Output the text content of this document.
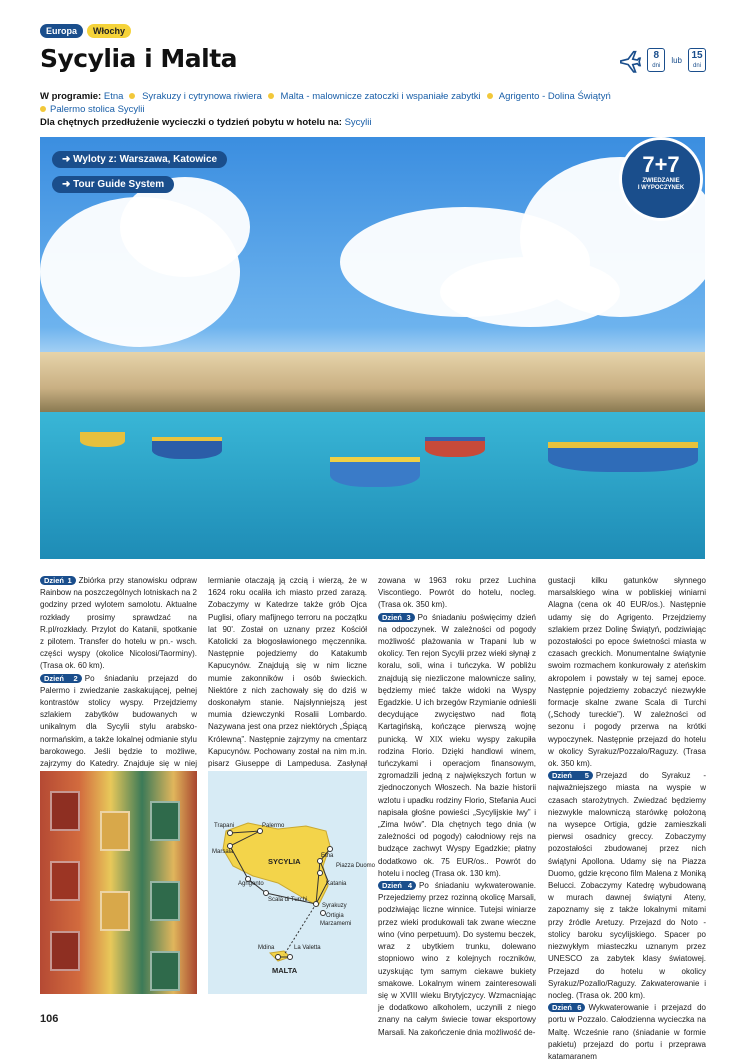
Europa	Włochy
Sycylia i Malta	8
dni
lub 15
dni
W programie: Etna Syrakuzy i cytrynowa riwiera Malta - malownicze zatoczki i wspaniałe zabytki Agrigento - Dolina Świątyń
Palermo stolica Sycylii
Dla chętnych przedłużenie wycieczki o tydzień pobytu w hotelu na: Sycylii
➜ Wyloty z: Warszawa, Katowice
➜ Tour Guide System
7+7
ZWIEDZANIE
I WYPOCZYNEK
Dzień 1 Zbiórka przy stanowisku odpraw Rainbow na poszczególnych lotniskach na 2 godziny przed wylotem samolotu. Aktualne rozkłady prosimy sprawdzać na R.pl/rozkłady. Przylot do Katanii, spotkanie z pilotem. Transfer do hotelu w pn.- wsch. części wyspy (okolice Nicolosi/Taorminy). (Trasa ok. 60 km).
Dzień 2 Po śniadaniu przejazd do Palermo i zwiedzanie zaskakującej, pełnej kontrastów stolicy wyspy. Przejdziemy szlakiem zabytków budowanych w unikalnym dla Sycylii stylu arabsko-normańskim, a także lokalnej odmianie stylu barokowego. Jeśli będzie to możliwe, zajrzymy do Katedry. Znajduje się w niej
lermianie otaczają ją czcią i wierzą, że w 1624 roku ocaliła ich miasto przed zarazą. Zobaczymy w Katedrze także grób Ojca Puglisi, ofiary mafijnego terroru na początku lat 90'. Został on uznany przez Kościół Katolicki za błogosławionego męczennika. Następnie pojedziemy do Katakumb Kapucynów. Znajdują się w nim liczne mumie zakonników i osób świeckich. Niektóre z nich zachowały się do dziś w doskonałym stanie. Najsłynniejszą jest mumia dziewczynki Rosalii Lombardo. Nazywana jest ona przez niektórych „Śpiącą Królewną”. Następnie zajrzymy na cmentarz Kapucynów. Pochowany został na nim m.in. pisarz Giuseppe di Lampedusa. Zasłynął
zowana w 1963 roku przez Luchina Viscontiego. Powrót do hotelu, nocleg. (Trasa ok. 350 km).
Dzień 3 Po śniadaniu poświęcimy dzień na odpoczynek. W zależności od pogody możliwość plażowania w Trapani lub w okolicy. Ten rejon Sycylii przez wieki słynął z koralu, soli, wina i tuńczyka. W pobliżu znajdują się niezliczone malownicze saliny, będziemy mieć także widoki na Wyspy Egadzkie. U ich brzegów Rzymianie odnieśli decydujące zwycięstwo nad flotą Kartagińską, kończące pierwszą wojnę punicką. W XIX wieku wyspy zakupiła rodzina Florio. Dzięki handlowi winem, tuńczykami i operacjom finansowym, zgromadzili jedną z największych fortun w zjednoczonych Włoszech. Na bazie historii wzlotu i upadku rodziny Florio, Stefania Auci napisała głośne powieści „Sycylijskie lwy” i „Zima lwów”. Dla chętnych tego dnia (w zależności od pogody) całodniowy rejs na budzące zachwyt Wyspy Egadzkie; płatny dodatkowo ok. 75 EUR/os.. Powrót do hotelu i nocleg (Trasa ok. 130 km).
Dzień 4 Po śniadaniu wykwaterowanie. Przejedziemy przez rozinną okolicę Marsali, podziwiając liczne winnice. Tutejsi winiarze przez wieki produkowali tak zwane wieczne wino (vino perpetuum). Do systemu beczek, wraz z ubytkiem trunku, dolewano stopniowo wino z kolejnych roczników, uzyskując tym samym ciekawe bukiety smakowe. Lokalnym winem zainteresowali się w XVIII wieku Brytyjczycy. Wzmacniając je dodatkowo alkoholem, uczynili z niego znany na całym świecie towar eksportowy Marsali. Na zakończenie dnia możliwość de-
gustacji kilku gatunków słynnego marsalskiego wina w pobliskiej winiarni Alagna (cena ok 40 EUR/os.). Następnie udamy się do Agrigento. Przejdziemy szlakiem przez Dolinę Świątyń, podziwiając pozostałości po epoce świetności miasta w czasach greckich. Monumentalne świątynie swoim rozmachem konkurowały z ateńskim akropolem i powstały w tej samej epoce. Następnie pojedziemy zobaczyć niezwykłe formacje skalne zwane Scala di Turchi („Schody tureckie”). W zależności od sezonu i pogody przerwa na krótki wypoczynek. Następnie przejazd do hotelu w okolicy Syrakuz/Pozzalo/Raguzy. (Trasa ok. 350 km).
Dzień 5 Przejazd do Syrakuz - najważniejszego miasta na wyspie w czasach starożytnych. Zwiedzać będziemy niezwykle malowniczą starówkę położoną na wysepce Ortigia, gdzie zamieszkali pierwsi osadnicy greccy. Zobaczymy pozostałości zbudowanej przez nich świątyni Apollona. Udamy się na Piazza Duomo, gdzie kręcono film Malena z Moniką Belucci. Zobaczymy Katedrę wybudowaną w murach dawnej świątyni Ateny, zapoznamy się z także lokalnymi mitami przy źródle Aretuzy. Przejazd do Noto - stolicy baroku sycylijskiego. Spacer po niezwykłym miasteczku uznanym przez UNESCO za zabytek klasy światowej. Przejazd do hotelu w okolicy Syrakuz/Pozallo/Raguzy. Zakwaterowanie i nocleg. (Trasa ok. 200 km).
Dzień 6 Wykwaterowanie i przejazd do portu w Pozzalo. Całodzienna wycieczka na Maltę. Wcześnie rano (śniadanie w formie pakietu) przejazd do portu i przeprawa katamaranem
Trapani	Palermo
Marsala
Etna
Piazza Duomo
Katania
Agrigento
Scala di Turchi
Syrakuzy
Ortigia
Marzamemi
Mdina	La Valetta
SYCYLIA
MALTA
106
